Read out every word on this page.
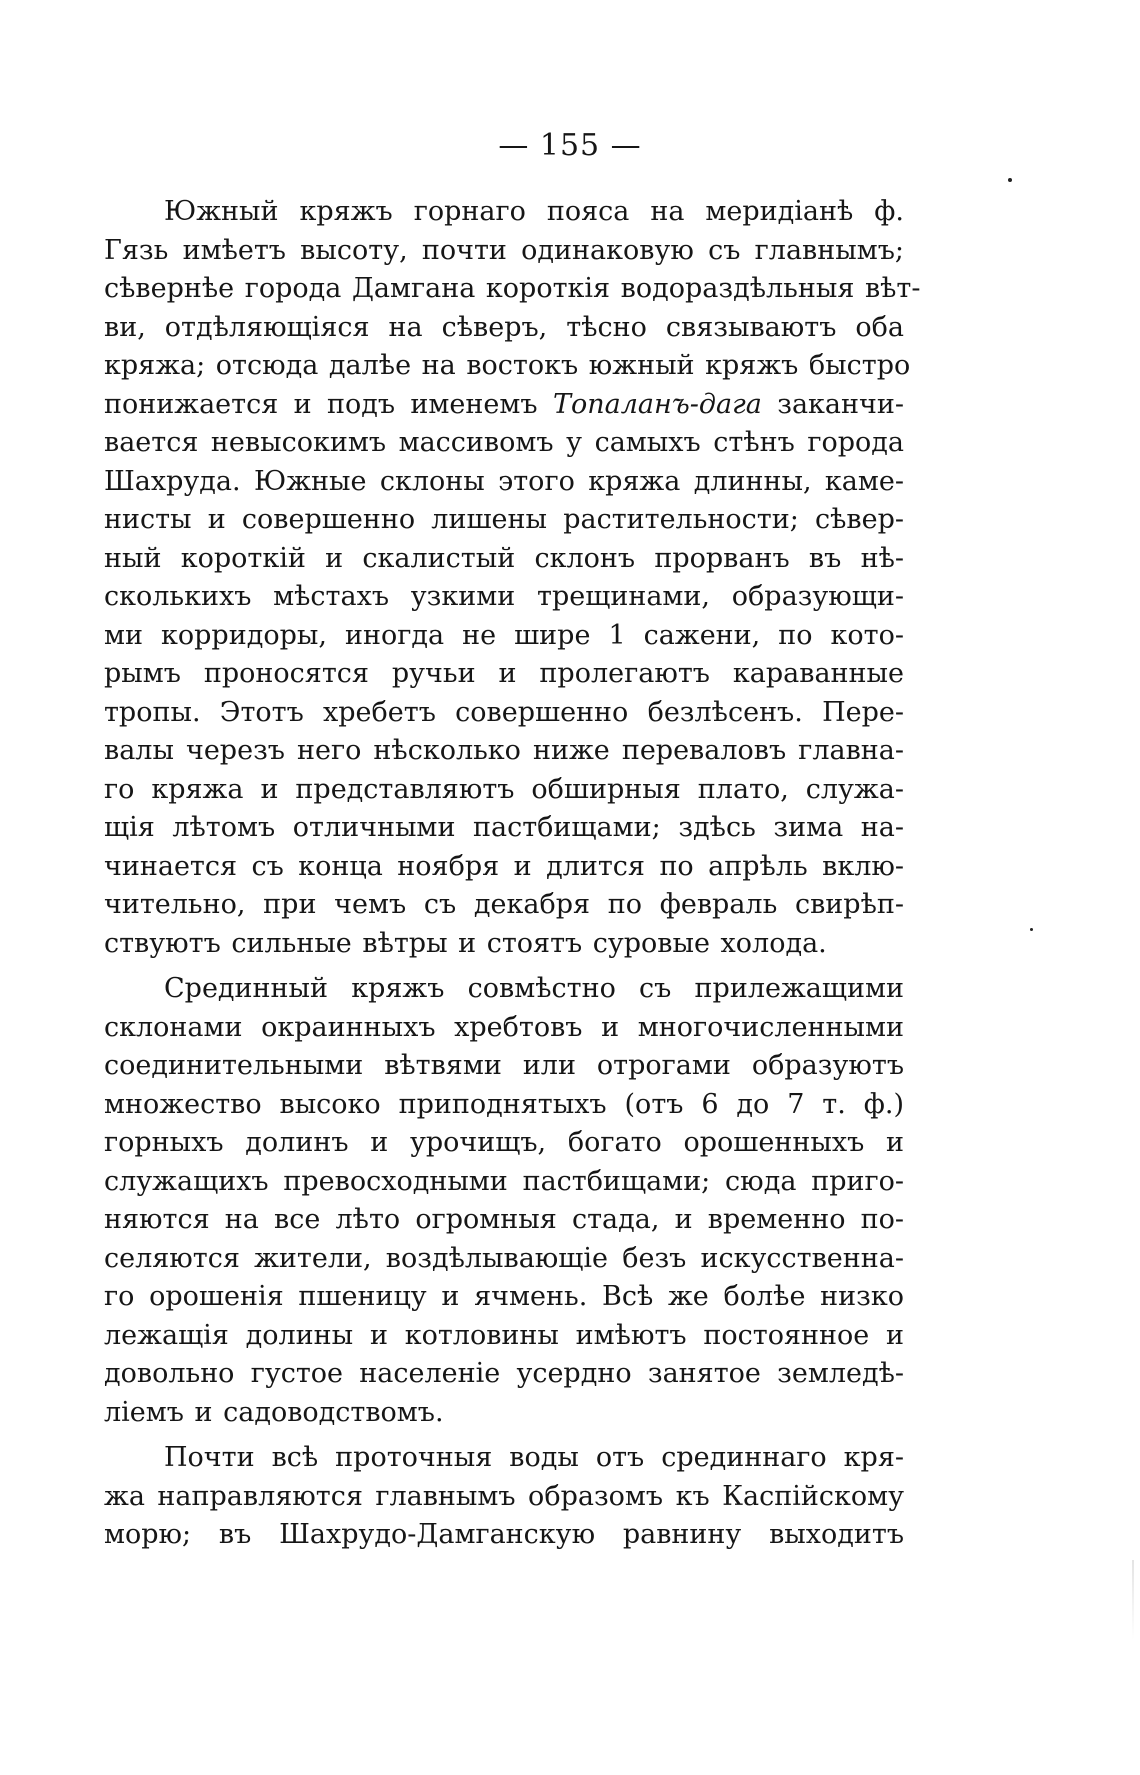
— 155 —
Южный кряжъ горнаго пояса на меридіанѣ ф.
Гязь имѣетъ высоту, почти одинаковую съ главнымъ;
сѣвернѣе города Дамгана короткія водораздѣльныя вѣт-
ви, отдѣляющіяся на сѣверъ, тѣсно связываютъ оба
кряжа; отсюда далѣе на востокъ южный кряжъ быстро
понижается и подъ именемъ Топаланъ-дага заканчи-
вается невысокимъ массивомъ у самыхъ стѣнъ города
Шахруда. Южные склоны этого кряжа длинны, каме-
нисты и совершенно лишены растительности; сѣвер-
ный короткій и скалистый склонъ прорванъ въ нѣ-
сколькихъ мѣстахъ узкими трещинами, образующи-
ми корридоры, иногда не шире 1 сажени, по кото-
рымъ проносятся ручьи и пролегаютъ караванные
тропы. Этотъ хребетъ совершенно безлѣсенъ. Пере-
валы черезъ него нѣсколько ниже переваловъ главна-
го кряжа и представляютъ обширныя плато, служа-
щія лѣтомъ отличными пастбищами; здѣсь зима на-
чинается съ конца ноября и длится по апрѣль вклю-
чительно, при чемъ съ декабря по февраль свирѣп-
ствуютъ сильные вѣтры и стоятъ суровые холода.
Срединный кряжъ совмѣстно съ прилежащими
склонами окраинныхъ хребтовъ и многочисленными
соединительными вѣтвями или отрогами образуютъ
множество высоко приподнятыхъ (отъ 6 до 7 т. ф.)
горныхъ долинъ и урочищъ, богато орошенныхъ и
служащихъ превосходными пастбищами; сюда приго-
няются на все лѣто огромныя стада, и временно по-
селяются жители, воздѣлывающіе безъ искусственна-
го орошенія пшеницу и ячмень. Всѣ же болѣе низко
лежащія долины и котловины имѣютъ постоянное и
довольно густое населеніе усердно занятое земледѣ-
ліемъ и садоводствомъ.
Почти всѣ проточныя воды отъ срединнаго кря-
жа направляются главнымъ образомъ къ Каспійскому
морю; въ Шахрудо-Дамганскую равнину выходитъ
